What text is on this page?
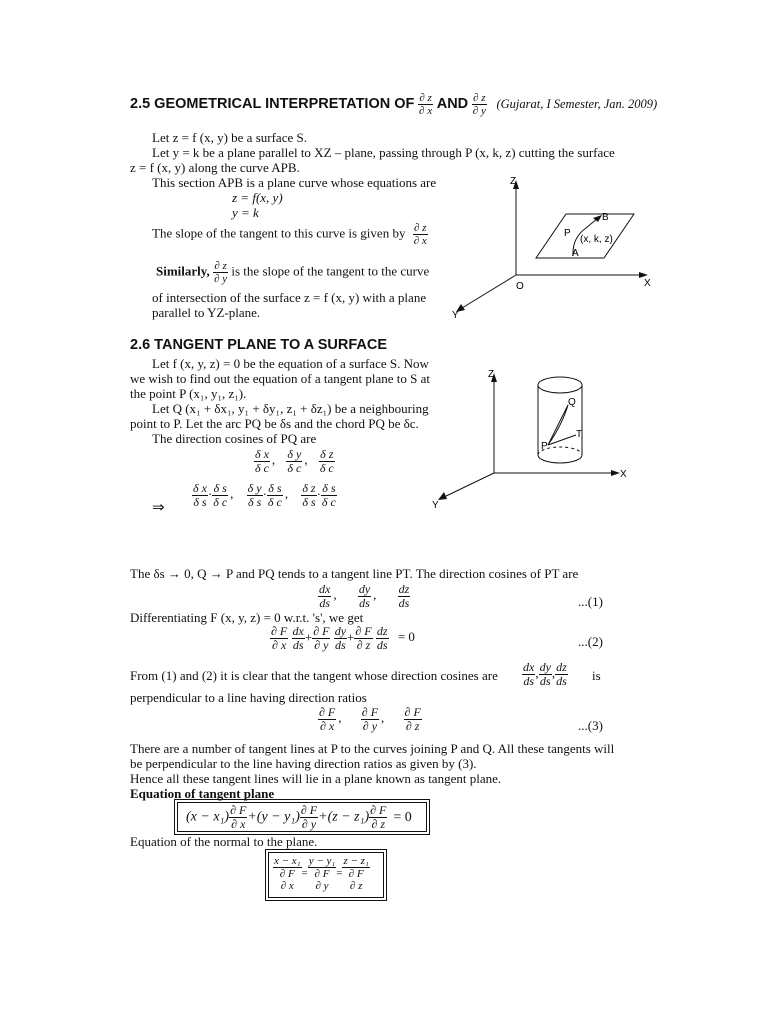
2.5 GEOMETRICAL INTERPRETATION OF $\frac{\partial z}{\partial x}$ AND $\frac{\partial z}{\partial y}$ (Gujarat, I Semester, Jan. 2009)
Let z = f (x, y) be a surface S.
Let y = k be a plane parallel to XZ – plane, passing through P (x, k, z) cutting the surface
z = f (x, y) along the curve APB.
This section APB is a plane curve whose equations are
z = f(x, y)
y = k
The slope of the tangent to this curve is given by $\frac{\partial z}{\partial x}$
Similarly, $\frac{\partial z}{\partial y}$ is the slope of the tangent to the curve
of intersection of the surface z = f (x, y) with a plane
parallel to YZ-plane.
Z
X
Y
O
P
B
A
(x, k, z)
2.6 TANGENT PLANE TO A SURFACE
Let f (x, y, z) = 0 be the equation of a surface S. Now
we wish to find out the equation of a tangent plane to S at
the point P (x₁, y₁, z₁).
Let Q (x₁ + δx₁, y₁ + δy₁, z₁ + δz₁) be a neighbouring
point to P. Let the arc PQ be δs and the chord PQ be δc.
The direction cosines of PQ are
$\frac{\text{δ x}}{\text{δ c}}$ , $\frac{\text{δ y}}{\text{δ c}}$ , $\frac{\text{δ z}}{\text{δ c}}$
⇒ $\frac{\text{δ x}}{\text{δ s}} \cdot \frac{\text{δ s}}{\text{δ c}}$ , $\frac{\text{δ y}}{\text{δ s}} \cdot \frac{\text{δ s}}{\text{δ c}}$ , $\frac{\text{δ z}}{\text{δ s}} \cdot \frac{\text{δ s}}{\text{δ c}}$
Z
X
Y
Q
T
P
The δs → 0, Q → P and PQ tends to a tangent line PT. The direction cosines of PT are
$\frac{dx}{ds}$ , $\frac{dy}{ds}$ , $\frac{dz}{ds}$	...(1)
Differentiating F (x, y, z) = 0 w.r.t. 's', we get
$\frac{\partial F}{\partial x}$
$\frac{dx}{ds} + \frac{\partial F}{\partial y}$
$\frac{dy}{ds} + \frac{\partial F}{\partial z}$
$\frac{dz}{ds} = 0$	...(2)
From (1) and (2) it is clear that the tangent whose direction cosines are $\frac{dx}{ds}$ , $\frac{dy}{ds}$ , $\frac{dz}{ds}$ is
perpendicular to a line having direction ratios
$\frac{\partial F}{\partial x}$ , $\frac{\partial F}{\partial y}$ , $\frac{\partial F}{\partial z}$	...(3)
There are a number of tangent lines at P to the curves joining P and Q. All these tangents will
be perpendicular to the line having direction ratios as given by (3).
Hence all these tangent lines will lie in a plane known as tangent plane.
Equation of tangent plane
$(x - x_1) \frac{\partial F}{\partial x} +(y - y_1) \frac{\partial F}{\partial y} +(z - z_1) \frac{\partial F}{\partial z} = 0$
Equation of the normal to the plane.
x − x₁
∂ F
∂ x
=
y − y₁
∂ F
∂ y
=
z − z₁
∂ F
∂ z
